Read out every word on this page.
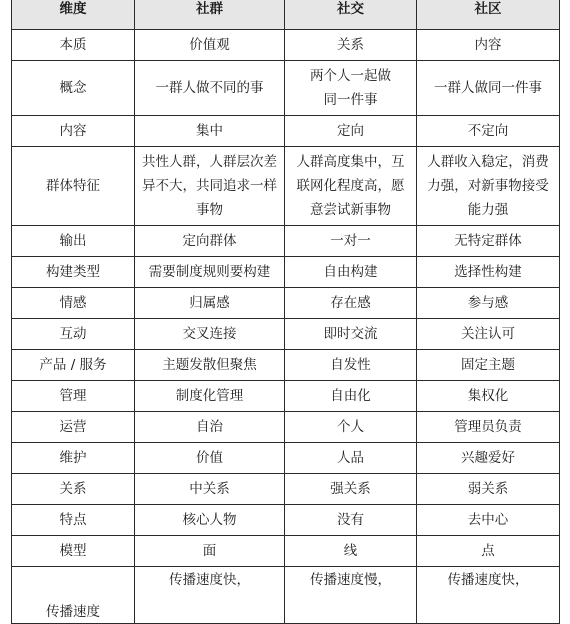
维度	社群	社交	社区
本质	价值观	关系	内容
概念	一群人做不同的事	两个人一起做同一件事	一群人做同一件事
内容	集中	定向	不定向
群体特征	共性人群，人群层次差异不大，共同追求一样事物	人群高度集中，互联网化程度高，愿意尝试新事物	人群收入稳定，消费力强，对新事物接受能力强
输出	定向群体	一对一	无特定群体
构建类型	需要制度规则要构建	自由构建	选择性构建
情感	归属感	存在感	参与感
互动	交叉连接	即时交流	关注认可
产品 / 服务	主题发散但聚焦	自发性	固定主题
管理	制度化管理	自由化	集权化
运营	自治	个人	管理员负责
维护	价值	人品	兴趣爱好
关系	中关系	强关系	弱关系
特点	核心人物	没有	去中心
模型	面	线	点
传播速度	传播速度快，	传播速度慢，	传播速度快，
